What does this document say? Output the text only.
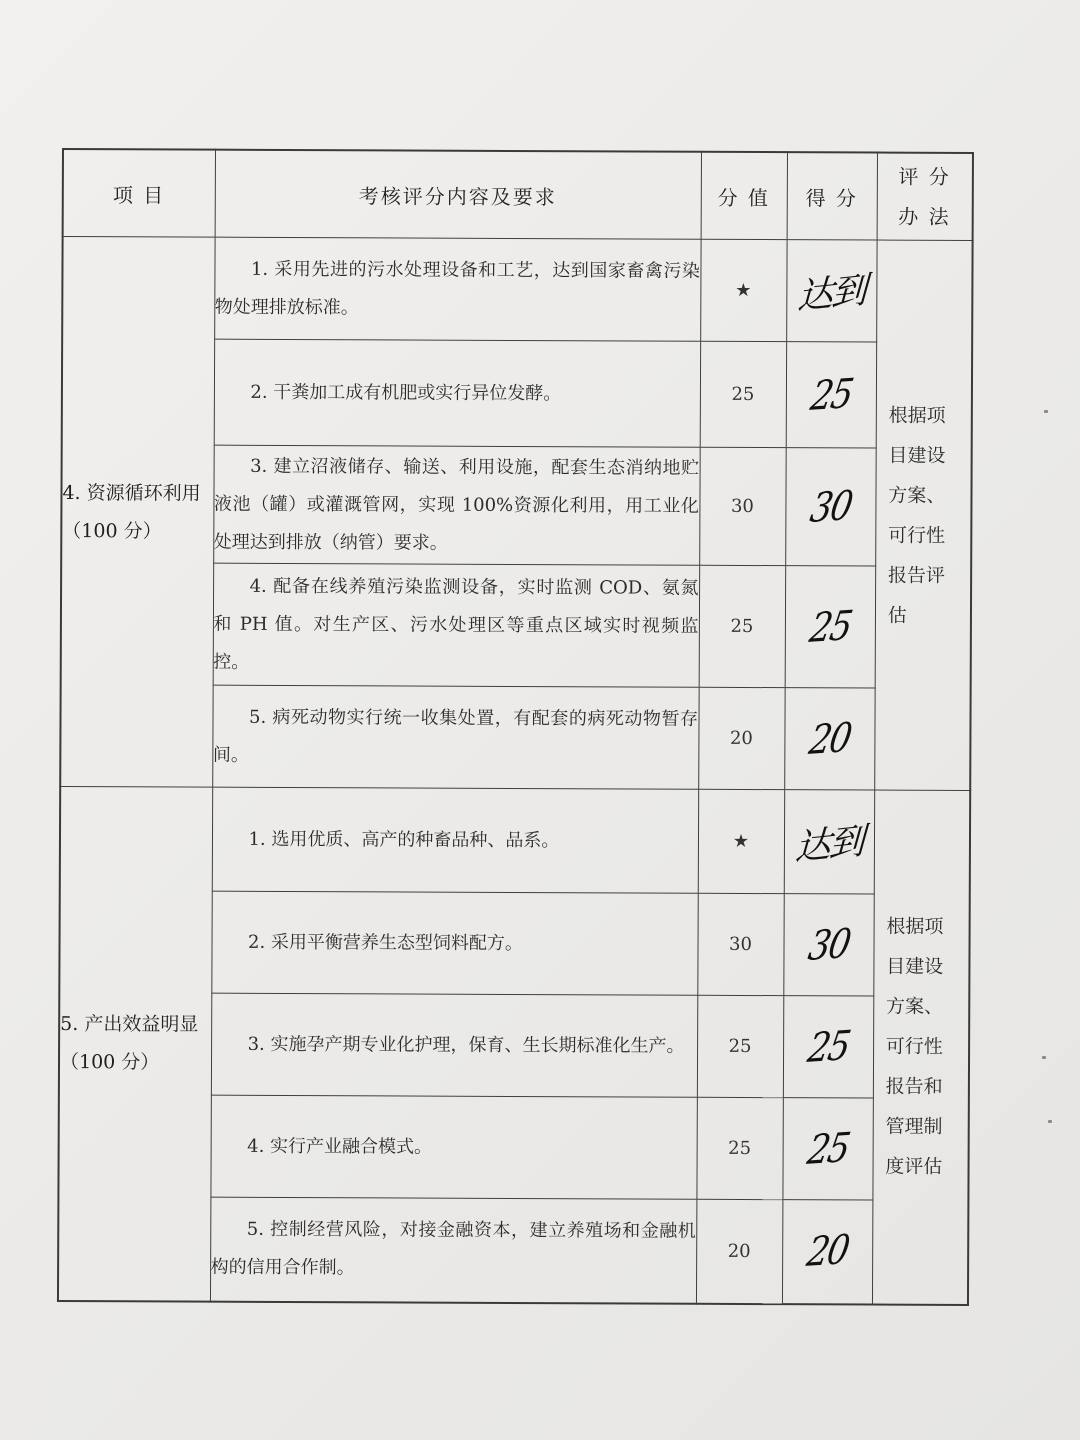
项 目	考核评分内容及要求	分 值	得 分	评 分
办 法

4. 资源循环利用（100 分）	1. 采用先进的污水处理设备和工艺，达到国家畜禽污染物处理排放标准。	★	达到	根据项目建设方案、可行性报告评估

	2. 干粪加工成有机肥或实行异位发酵。	25	25	

	3. 建立沼液储存、输送、利用设施，配套生态消纳地贮液池（罐）或灌溉管网，实现 100%资源化利用，用工业化处理达到排放（纳管）要求。	30	30	

	4. 配备在线养殖污染监测设备，实时监测 COD、氨氮和 PH 值。对生产区、污水处理区等重点区域实时视频监控。	25	25	

	5. 病死动物实行统一收集处置，有配套的病死动物暂存间。	20	20	
5. 产出效益明显（100 分）	1. 选用优质、高产的种畜品种、品系。	★	达到	根据项目建设方案、可行性报告和管理制度评估

	2. 采用平衡营养生态型饲料配方。	30	30	

	3. 实施孕产期专业化护理，保育、生长期标准化生产。	25	25	

	4. 实行产业融合模式。	25	25	

	5. 控制经营风险，对接金融资本，建立养殖场和金融机构的信用合作制。	20	20	
